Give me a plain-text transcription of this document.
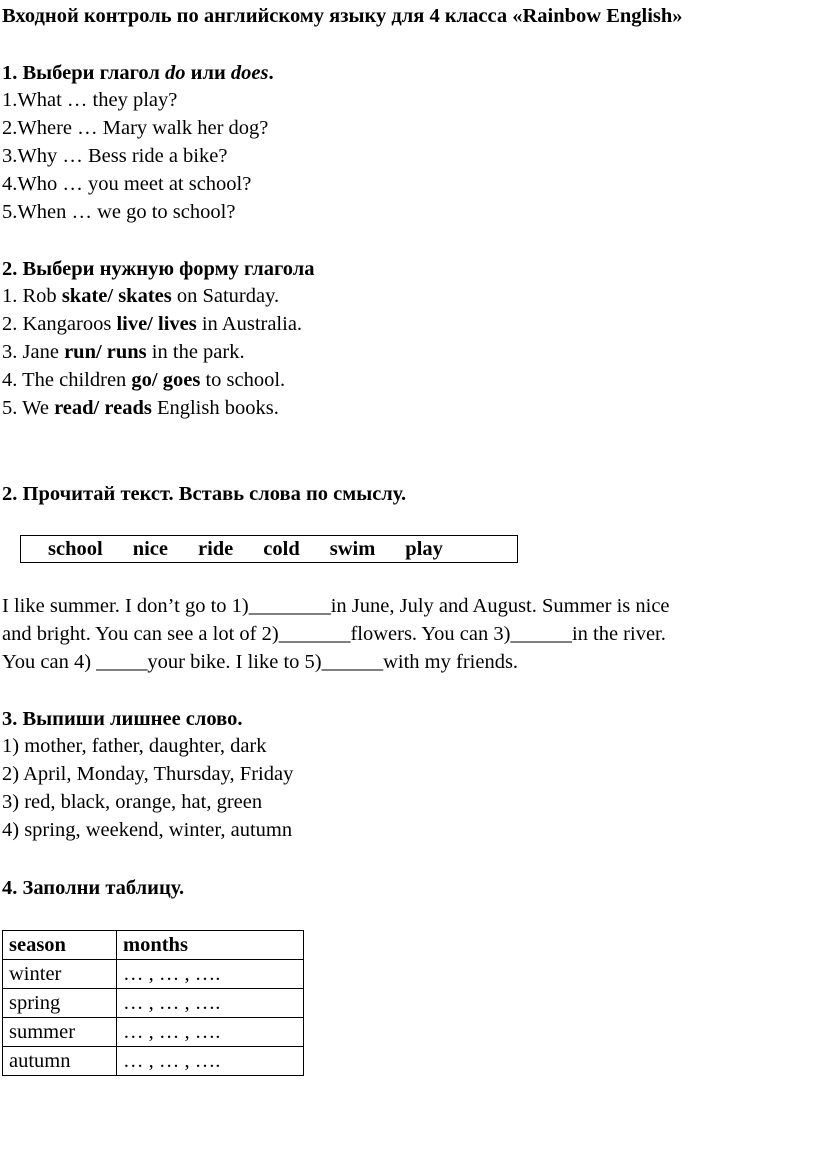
Входной контроль по английскому языку для 4 класса «Rainbow English»
1. Выбери глагол do или does.
1.What … they play?
2.Where … Mary walk her dog?
3.Why … Bess ride a bike?
4.Who … you meet at school?
5.When … we go to school?
2. Выбери нужную форму глагола
1. Rob skate/ skates on Saturday.
2. Kangaroos live/ lives in Australia.
3. Jane run/ runs in the park.
4. The children go/ goes to school.
5. We read/ reads English books.
2. Прочитай текст. Вставь слова по смыслу.
school nice ride cold swim play
I like summer. I don’t go to 1)________in June, July and August. Summer is nice
and bright. You can see a lot of 2)_______flowers. You can 3)______in the river.
You can 4) _____your bike. I like to 5)______with my friends.
3. Выпиши лишнее слово.
1) mother, father, daughter, dark
2) April, Monday, Thursday, Friday
3) red, black, orange, hat, green
4) spring, weekend, winter, autumn
4. Заполни таблицу.
season	months
winter	… , … , ….
spring	… , … , ….
summer	… , … , ….
autumn	… , … , ….
